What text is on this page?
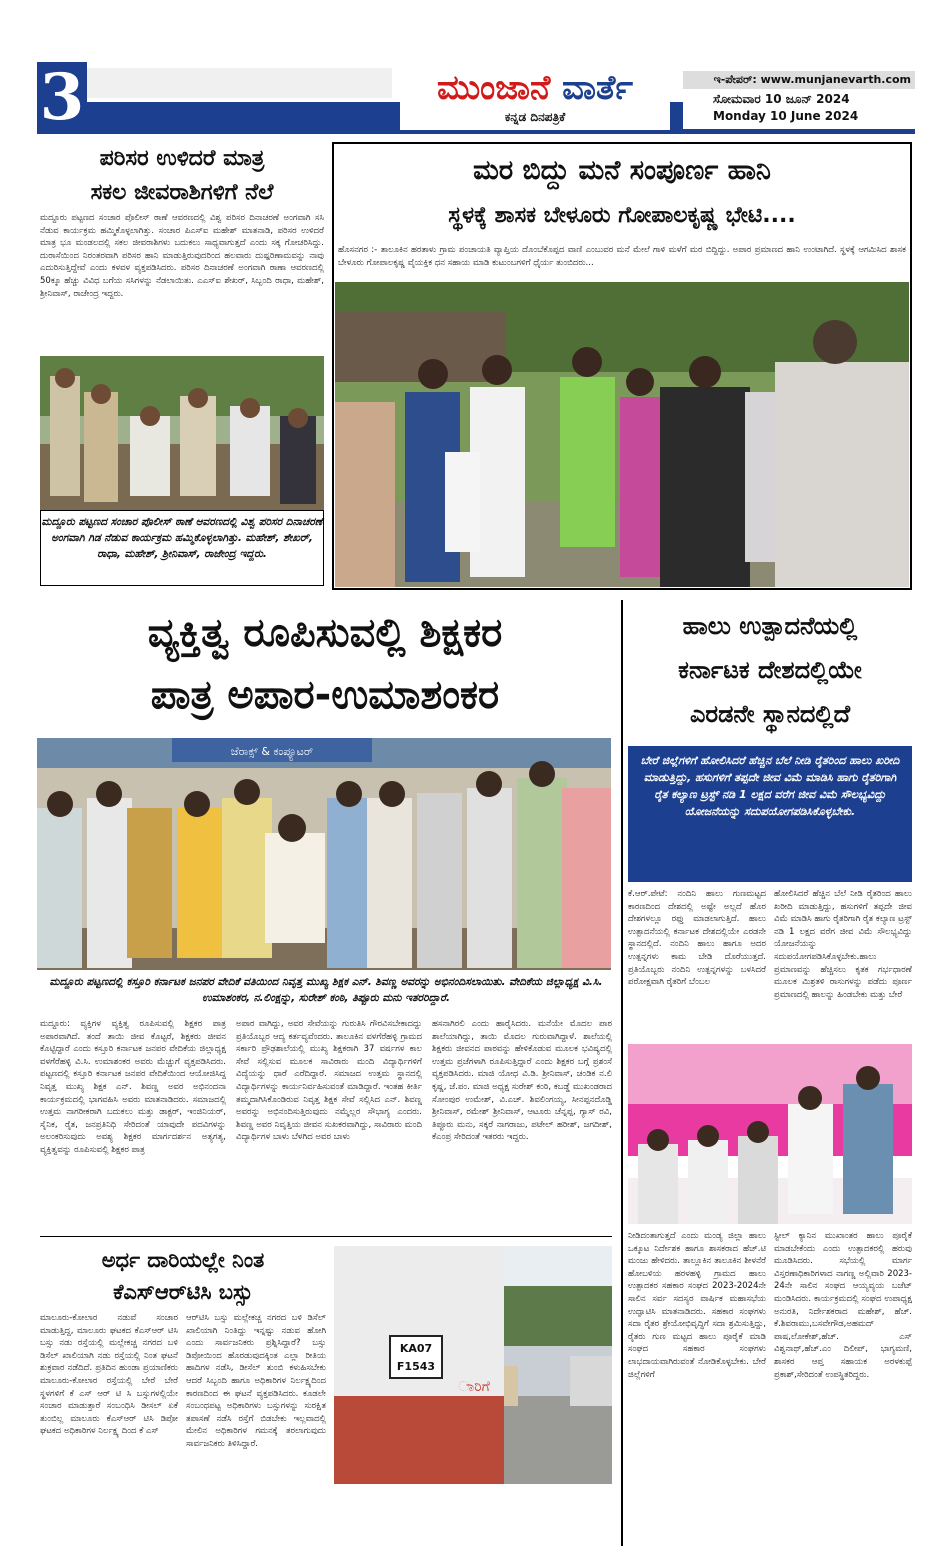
3	ಮುಂಜಾನೆ ವಾರ್ತೆ
ಕನ್ನಡ ದಿನಪತ್ರಿಕೆ
ಇ-ಪೇಪರ್: www.munjanevarth.com
ಸೋಮವಾರ 10 ಜೂನ್ 2024
Monday 10 June 2024
ಪರಿಸರ ಉಳಿದರೆ ಮಾತ್ರ
ಸಕಲ ಜೀವರಾಶಿಗಳಿಗೆ ನೆಲೆ
ಮದ್ದೂರು ಪಟ್ಟಣದ ಸಂಚಾರ ಪೊಲೀಸ್ ಠಾಣೆ ಆವರಣದಲ್ಲಿ ವಿಶ್ವ ಪರಿಸರ ದಿನಾಚರಣೆ ಅಂಗವಾಗಿ ಸಸಿ ನೆಡುವ ಕಾರ್ಯಕ್ರಮ ಹಮ್ಮಿಕೊಳ್ಳಲಾಗಿತ್ತು. ಸಂಚಾರ ಪಿಎಸ್ಐ ಮಹೇಶ್ ಮಾತನಾಡಿ, ಪರಿಸರ ಉಳಿದರೆ ಮಾತ್ರ ಭೂ ಮಂಡಲದಲ್ಲಿ ಸಕಲ ಜೀವರಾಶಿಗಳು ಬದುಕಲು ಸಾಧ್ಯವಾಗುತ್ತದೆ ಎಂದು ಸಕ್ಕ ಗೋಚರಿಸಿದ್ದು. ದುರಾಸೆಯಿಂದ ನಿರಂತರವಾಗಿ ಪರಿಸರ ಹಾನಿ ಮಾಡುತ್ತಿರುವುದರಿಂದ ಹಲವಾರು ದುಷ್ಪರಿಣಾಮವನ್ನು ನಾವು ಎದುರಿಸುತ್ತಿದ್ದೇವೆ ಎಂದು ಕಳವಳ ವ್ಯಕ್ತಪಡಿಸಿದರು. ಪರಿಸರ ದಿನಾಚರಣೆ ಅಂಗವಾಗಿ ಠಾಣಾ ಆವರಣದಲ್ಲಿ 50ಕ್ಕೂ ಹೆಚ್ಚು ವಿವಿಧ ಬಗೆಯ ಸಸಿಗಳನ್ನು ನೆಡಲಾಯಿತು. ಎಎಸ್ಐ ಶೇಖರ್, ಸಿಬ್ಬಂದಿ ರಾಧಾ, ಮಹೇಶ್, ಶ್ರೀನಿವಾಸ್, ರಾಜೇಂದ್ರ ಇದ್ದರು.
ಮದ್ದೂರು ಪಟ್ಟಣದ ಸಂಚಾರ ಪೊಲೀಸ್ ಠಾಣೆ ಆವರಣದಲ್ಲಿ ವಿಶ್ವ ಪರಿಸರ ದಿನಾಚರಣೆ ಅಂಗವಾಗಿ ಗಿಡ ನೆಡುವ ಕಾರ್ಯಕ್ರಮ ಹಮ್ಮಿಕೊಳ್ಳಲಾಗಿತ್ತು. ಮಹೇಶ್, ಶೇಖರ್, ರಾಧಾ, ಮಹೇಶ್, ಶ್ರೀನಿವಾಸ್, ರಾಜೇಂದ್ರ ಇದ್ದರು.
ಮರ ಬಿದ್ದು ಮನೆ ಸಂಪೂರ್ಣ ಹಾನಿ
ಸ್ಥಳಕ್ಕೆ ಶಾಸಕ ಬೇಳೂರು ಗೋಪಾಲಕೃಷ್ಣ ಭೇಟಿ....
ಹೊಸನಗರ :- ತಾಲೂಕಿನ ಹರತಾಳು ಗ್ರಾಮ ಪಂಚಾಯತಿ ವ್ಯಾಪ್ತಿಯ ದೊಂಬೆಕೊಪ್ಪದ ವಾಣಿ ಎಂಬುವರ ಮನೆ ಮೇಲೆ ಗಾಳಿ ಮಳೆಗೆ ಮರ ಬಿದ್ದಿದ್ದು. ಅಪಾರ ಪ್ರಮಾಣದ ಹಾನಿ ಉಂಟಾಗಿದೆ. ಸ್ಥಳಕ್ಕೆ ಆಗಮಿಸಿದ ಶಾಸಕ ಬೇಳೂರು ಗೋಪಾಲಕೃಷ್ಣ ವೈಯಕ್ತಿಕ ಧನ ಸಹಾಯ ಮಾಡಿ ಕುಟುಂಬಗಳಿಗೆ ಧೈರ್ಯ ತುಂಬಿದರು...
ವ್ಯಕ್ತಿತ್ವ ರೂಪಿಸುವಲ್ಲಿ ಶಿಕ್ಷಕರ
ಪಾತ್ರ ಅಪಾರ-ಉಮಾಶಂಕರ
ಜೆರಾಕ್ಸ್ & ಕಂಪ್ಯೂಟರ್
ಮದ್ದೂರು ಪಟ್ಟಣದಲ್ಲಿ ಕಸ್ತೂರಿ ಕರ್ನಾಟಕ ಜನಪರ ವೇದಿಕೆ ವತಿಯಿಂದ ನಿವೃತ್ತ ಮುಖ್ಯ ಶಿಕ್ಷಕ ಎನ್. ಶಿವಣ್ಣ ಅವರನ್ನು ಅಭಿನಂದಿಸಲಾಯಿತು. ವೇದಿಕೆಯ ಜಿಲ್ಲಾಧ್ಯಕ್ಷ ವಿ.ಸಿ. ಉಮಾಶಂಕರ, ನ.ಲಿಂಕ್ಷನ್ನು, ಸುರೇಶ್ ಕಂಠಿ, ತಿಪ್ಪೂರು ಮನು ಇತರರಿದ್ದಾರೆ.
ಮದ್ದೂರು: ವ್ಯಕ್ತಿಗಳ ವ್ಯಕ್ತಿತ್ವ ರೂಪಿಸುವಲ್ಲಿ ಶಿಕ್ಷಕರ ಪಾತ್ರ ಅಪಾರವಾಗಿದೆ. ತಂದೆ ತಾಯಿ ಜೀವ ಕೊಟ್ಟರೆ, ಶಿಕ್ಷಕರು ಜೀವನ ಕೊಟ್ಟಿದ್ದಾರೆ ಎಂದು ಕಸ್ತೂರಿ ಕರ್ನಾಟಕ ಜನಪರ ವೇದಿಕೆಯ ಜಿಲ್ಲಾಧ್ಯಕ್ಷ ವಳಗೆರೆಹಳ್ಳಿ ವಿ.ಸಿ. ಉಮಾಶಂಕರ ಅವರು ಮೆಚ್ಚುಗೆ ವ್ಯಕ್ತಪಡಿಸಿದರು. ಪಟ್ಟಣದಲ್ಲಿ ಕಸ್ತೂರಿ ಕರ್ನಾಟಕ ಜನಪರ ವೇದಿಕೆಯಿಂದ ಆಯೋಜಿಸಿದ್ದ ನಿವೃತ್ತ ಮುಖ್ಯ ಶಿಕ್ಷಕ ಎನ್. ಶಿವಣ್ಣ ಅವರ ಅಭಿನಂದನಾ ಕಾರ್ಯಕ್ರಮದಲ್ಲಿ ಭಾಗವಹಿಸಿ ಅವರು ಮಾತನಾಡಿದರು. ಸಮಾಜದಲ್ಲಿ ಉತ್ತಮ ನಾಗರೀಕರಾಗಿ ಬದುಕಲು ಮತ್ತು ಡಾಕ್ಟರ್, ಇಂಜಿನಿಯರ್, ಸೈನಿಕ, ರೈತ, ಜನಪ್ರತಿನಿಧಿ ಸೇರಿದಂತೆ ಯಾವುದೇ ಪದವಿಗಳನ್ನು ಅಲಂಕರಿಸುವುದು ಅವಶ್ಯ ಶಿಕ್ಷಕರ ಮಾರ್ಗದರ್ಶನ ಅತ್ಯಗತ್ಯ, ವ್ಯಕ್ತಿತ್ವವನ್ನು ರೂಪಿಸುವಲ್ಲಿ ಶಿಕ್ಷಕರ ಪಾತ್ರ
ಅಪಾರ ವಾಗಿದ್ದು, ಅವರ ಸೇವೆಯನ್ನು ಗುರುತಿಸಿ ಗೌರವಿಸಬೇಕಾದದ್ದು ಪ್ರತಿಯೊಬ್ಬರ ಆದ್ಯ ಕರ್ತವ್ಯವೆಂದರು. ತಾಲೂಕಿನ ವಳಗೆರೆಹಳ್ಳಿ ಗ್ರಾಮದ ಸರ್ಕಾರಿ ಪ್ರೌಢಶಾಲೆಯಲ್ಲಿ ಮುಖ್ಯ ಶಿಕ್ಷಕರಾಗಿ 37 ವರ್ಷಗಳ ಕಾಲ ಸೇವೆ ಸಲ್ಲಿಸುವ ಮೂಲಕ ಸಾವಿರಾರು ಮಂದಿ ವಿದ್ಯಾರ್ಥಿಗಳಿಗೆ ವಿದ್ಯೆಯನ್ನು ಧಾರೆ ಎರೆದಿದ್ದಾರೆ. ಸಮಾಜದ ಉತ್ತಮ ಸ್ಥಾನದಲ್ಲಿ ವಿದ್ಯಾರ್ಥಿಗಳನ್ನು ಕಾರ್ಯನಿರ್ವಹಿಸುವಂತೆ ಮಾಡಿದ್ದಾರೆ. ಇಂತಹ ಕೀರ್ತಿ ತಮ್ಮದಾಗಿಸಿಕೊಂಡಿರುವ ನಿವೃತ್ತ ಶಿಕ್ಷಕ ಸೇವೆ ಸಲ್ಲಿಸಿದ ಎನ್. ಶಿವಣ್ಣ ಅವರನ್ನು ಅಭಿನಂದಿಸುತ್ತಿರುವುದು ನಮ್ಮೆಲ್ಲರ ಸೌಭಾಗ್ಯ ಎಂದರು. ಶಿವಣ್ಣ ಅವರ ನಿವೃತ್ತಿಯ ಜೀವನ ಸುಖಕರವಾಗಿದ್ದು, ಸಾವಿರಾರು ಮಂದಿ ವಿದ್ಯಾರ್ಥಿಗಳ ಬಾಳು ಬೆಳಗಿದ ಅವರ ಬಾಳು
ಹಸನಾಗಿರಲಿ ಎಂದು ಹಾರೈಸಿದರು. ಮನೆಯೇ ಮೊದಲ ಪಾಠ ಶಾಲೆಯಾಗಿದ್ದು, ತಾಯಿ ಮೊದಲ ಗುರುವಾಗಿದ್ದಾಳೆ. ಶಾಲೆಯಲ್ಲಿ ಶಿಕ್ಷಕರು ಜೀವನದ ಪಾಠವನ್ನು ಹೇಳಿಕೊಡುವ ಮೂಲಕ ಭವಿಷ್ಯದಲ್ಲಿ ಉತ್ತಮ ಪ್ರಜೆಗಳಾಗಿ ರೂಪಿಸುತ್ತಿದ್ದಾರೆ ಎಂದು ಶಿಕ್ಷಕರ ಬಗ್ಗೆ ಪ್ರಶಂಸೆ ವ್ಯಕ್ತಪಡಿಸಿದರು. ಮಾಜಿ ಯೋಧ ವಿ.ಡಿ. ಶ್ರೀನಿವಾಸ್, ಚಂಡಿಕ ನ.ಲಿ ಕೃಷ್ಣ, ಜೆ.ಪಂ. ಮಾಜಿ ಅಧ್ಯಕ್ಷ ಸುರೇಶ್ ಕಂಠಿ, ಕಬಡ್ಡೆ ಮುಖಂಡರಾದ ಸೋಂಪುರ ಉಮೇಶ್, ವಿ.ಎಚ್. ಶಿವಲಿಂಗಯ್ಯ, ಸೀನಪ್ಪನದೊಡ್ಡಿ ಶ್ರೀನಿವಾಸ್, ರಮೇಶ್ ಶ್ರೀನಿವಾಸ್, ಆಟೂರು ಚೆನ್ನಪ್ಪ, ಗ್ಯಾಸ್ ರವಿ, ತಿಪ್ಪೂರು ಮನು, ಸಕ್ಕರೆ ನಾಗರಾಜು, ಪಟೇಲ್ ಹರೀಶ್, ಜಗದೀಶ್, ಕೆಎಂಪ್ರ ಸೇರಿದಂತೆ ಇತರರು ಇದ್ದರು.
ಹಾಲು ಉತ್ಪಾದನೆಯಲ್ಲಿ
ಕರ್ನಾಟಕ ದೇಶದಲ್ಲಿಯೇ
ಎರಡನೇ ಸ್ಥಾನದಲ್ಲಿದೆ
ಬೇರೆ ಜಿಲ್ಲೆಗಳಿಗೆ ಹೋಲಿಸಿದರೆ ಹೆಚ್ಚಿನ ಬೆಲೆ ನೀಡಿ ರೈತರಿಂದ ಹಾಲು ಖರೀದಿ ಮಾಡುತ್ತಿದ್ದು, ಹಸುಗಳಿಗೆ ತಪ್ಪದೇ ಜೀವ ವಿಮೆ ಮಾಡಿಸಿ ಹಾಗು ರೈತರಿಗಾಗಿ ರೈತ ಕಲ್ಯಾಣ ಟ್ರಸ್ಟ್ ನಡಿ 1 ಲಕ್ಷದ ವರೆಗ ಜೀವ ವಿಮೆ ಸೌಲಭ್ಯವಿದ್ದು ಯೋಜನೆಯನ್ನು ಸದುಪಯೋಗಪಡಿಸಿಕೊಳ್ಳಬೇಕು.
ಕೆ.ಆರ್.ಪೇಟೆ: ನಂದಿನಿ ಹಾಲು ಗುಣಮಟ್ಟದ ಕಾರಣದಿಂದ ದೇಶದಲ್ಲಿ ಅಷ್ಟೇ ಅಲ್ಲದೆ ಹೊರ ದೇಶಗಳಲ್ಲೂ ರಫ್ತು ಮಾಡಲಾಗುತ್ತಿದೆ. ಹಾಲು ಉತ್ಪಾದನೆಯಲ್ಲಿ ಕರ್ನಾಟಕ ದೇಶದಲ್ಲಿಯೇ ಎರಡನೇ ಸ್ಥಾನದಲ್ಲಿದೆ. ನಂದಿನಿ ಹಾಲು ಹಾಗೂ ಅದರ ಉತ್ಪನ್ನಗಳು ಕಾಮ ಬೇಡಿ ದೊರೆಯುತ್ತದೆ. ಪ್ರತಿಯೊಬ್ಬರು ನಂದಿನಿ ಉತ್ಪನ್ನಗಳನ್ನು ಬಳಸಿದರೆ ಪರೋಕ್ಷವಾಗಿ ರೈತರಿಗೆ ಬೆಂಬಲ
ಹೋಲಿಸಿದರೆ ಹೆಚ್ಚಿನ ಬೆಲೆ ನೀಡಿ ರೈತರಿಂದ ಹಾಲು ಖರೀದಿ ಮಾಡುತ್ತಿದ್ದು, ಹಸುಗಳಿಗೆ ತಪ್ಪದೇ ಜೀವ ವಿಮೆ ಮಾಡಿಸಿ ಹಾಗು ರೈತರಿಗಾಗಿ ರೈತ ಕಲ್ಯಾಣ ಟ್ರಸ್ಟ್ ನಡಿ 1 ಲಕ್ಷದ ವರೆಗ ಜೀವ ವಿಮೆ ಸೌಲಭ್ಯವಿದ್ದು ಯೋಜನೆಯನ್ನು ಸದುಪಯೋಗಪಡಿಸಿಕೊಳ್ಳಬೇಕು.ಹಾಲು ಪ್ರಮಾಣವನ್ನು ಹೆಚ್ಚಿಸಲು ಕೃತಕ ಗರ್ಭಧಾರಣೆ ಮೂಲಕ ಮಿಶ್ರತಳಿ ರಾಸುಗಳನ್ನು ಪಡೆದು ಪೂರ್ಣ ಪ್ರಮಾಣದಲ್ಲಿ ಹಾಲನ್ನು ಹಿಂಡಬೇಕು ಮತ್ತು ಬೇರೆ
ನೀಡಿದಂತಾಗುತ್ತದೆ ಎಂದು ಮಂಡ್ಯ ಜಿಲ್ಲಾ ಹಾಲು ಒಕ್ಕೂಟ ನಿರ್ದೇಶಕ ಹಾಗೂ ಶಾಸಕರಾದ ಹೆಚ್.ಟಿ ಮಂಜು ಹೇಳಿದರು. ತಾಲ್ಲೂಕಿನ ತಾಲೂಕಿನ ಶೀಳನೆರೆ ಹೋಬಳಿಯ ಹರಳಹಳ್ಳಿ ಗ್ರಾಮದ ಹಾಲು ಉತ್ಪಾದಕರ ಸಹಕಾರ ಸಂಘದ 2023-2024ನೇ ಸಾಲಿನ ಸರ್ವ ಸದಸ್ಯರ ವಾರ್ಷಿಕ ಮಹಾಸಭೆಯ ಉದ್ಘಾಟಿಸಿ ಮಾತನಾಡಿದರು. ಸಹಕಾರ ಸಂಘಗಳು ಸದಾ ರೈತರ ಶ್ರೇಯೋಭಿವೃದ್ಧಿಗೆ ಸದಾ ಶ್ರಮಿಸುತ್ತಿದ್ದು, ರೈತರು ಗುಣ ಮಟ್ಟದ ಹಾಲು ಪೂರೈಕೆ ಮಾಡಿ ಸಂಘದ ಸಹಕಾರ ಸಂಘಗಳು ಲಾಭದಾಯವಾಗಿರುವಂತೆ ನೋಡಿಕೊಳ್ಳಬೇಕು. ಬೇರೆ ಜಿಲ್ಲೆಗಳಿಗೆ
ಸ್ಟೀಲ್ ಕ್ಯಾನಿನ ಮುಖಾಂತರ ಹಾಲು ಪೂರೈಕೆ ಮಾಡಬೇಕೆಂದು ಎಂದು ಉತ್ಪಾದಕರಲ್ಲಿ ಹರುವು ಮೂಡಿಸಿದರು. ಸಭೆಯಲ್ಲಿ ಮಾರ್ಗ ವಿಸ್ತರಣಾಧಿಕಾರಿಗಳಾದ ನಾಗಣ್ಣ ಅಲ್ಲಿವಾರಿ 2023-24ನೇ ಸಾಲಿನ ಸಂಘದ ಆಯ್ಯವ್ಯಯ ಬಜೆಟ್ ಮಂಡಿಸಿದರು. ಕಾರ್ಯಕ್ರಮದಲ್ಲಿ ಸಂಘದ ಉಪಾಧ್ಯಕ್ಷ ಅನುರತಿ, ನಿರ್ದೇಶಕರಾದ ಮಹೇಶ್, ಹೆಚ್. ಕೆ.ಶಿವರಾಮು,ಬಸವೇಗೌಡ,ಅಹಮದ್ ಪಾಷ,ಲೋಕೇಶ್,ಹೆಚ್. ಎಸ್ ವಿಶ್ವನಾಥ್,ಹೆಚ್.ಎಂ ದಿಲೀಪ್, ಭಾಗ್ಯಮಣಿ, ಶಾಸಕರ ಆಪ್ತ ಸಹಾಯಕ ಅರಳಕುಪ್ಪೆ ಪ್ರಕಾಶ್,ಸೇರಿದಂತೆ ಉಪಸ್ಥಿತರಿದ್ದರು.
ಅರ್ಧ ದಾರಿಯಲ್ಲೇ ನಿಂತ
ಕೆಎಸ್‌ಆರ್‌ಟಿಸಿ ಬಸ್ಸು
ಮಾಲೂರು-ಕೋಲಾರ ನಡುವೆ ಸಂಚಾರ ಮಾಡುತ್ತಿದ್ದ, ಮಾಲೂರು ಘಟಕದ ಕೆಎಸ್ಆರ್ ಟಿಸಿ ಬಸ್ಸು ನಡು ರಸ್ತೆಯಲ್ಲಿ ಮಲ್ಲೇಕಚ್ಚ ನಗರದ ಬಳಿ ಡಿಸೆಲ್ ಖಾಲಿಯಾಗಿ ನಡು ರಸ್ತೆಯಲ್ಲಿ ನಿಂತ ಘಟನೆ ಶುಕ್ರವಾರ ನಡೆದಿದೆ. ಪ್ರತಿದಿನ ಹುಂಡಾ ಪ್ರಯಾಣಿಕರು ಮಾಲೂರು-ಕೋಲಾರ ರಸ್ತೆಯಲ್ಲಿ ಬೇರೆ ಬೇರೆ ಸ್ಥಳಗಳಿಗೆ ಕೆ ಎಸ್ ಆರ್ ಟಿ ಸಿ ಬಸ್ಸುಗಳಲ್ಲಿಯೇ ಸಂಚಾರ ಮಾಡುತ್ತಾರೆ ಸಂಬಂಧಿಸಿ ಡೀಸಲ್ ಏಕೆ ತುಂಬಿಲ್ಲ ಮಾಲೂರು ಕೆಎಸ್ಆರ್ ಟಿಸಿ ಡಿಪೋ ಘಟಕದ ಅಧಿಕಾರಿಗಳ ನಿರ್ಲಕ್ಷ್ಯ ದಿಂದ ಕೆ ಎಸ್
ಆರ್‌ಟಿಸಿ ಬಸ್ಸು ಮಲ್ಲೇಕಚ್ಚ ನಗರದ ಬಳಿ ಡಿಸೆಲ್ ಖಾಲಿಯಾಗಿ ನಿಂತಿದ್ದು ಇನ್ನಷ್ಟು ನಡುವ ಹೋಗಿ ಎಂದು ಸಾರ್ವಜನಿಕರು ಪ್ರಶ್ನಿಸಿದ್ದಾರೆ? ಬಸ್ಸು ಡಿಪೋಯಿಂದ ಹೊರಡುವುದಕ್ಕಿಂತ ಎಲ್ಲಾ ರೀತಿಯ ಹಾದಿಗಳ ನಡೆಸಿ, ಡೀಸೆಲ್ ತುಂಬಿ ಕಳುಹಿಸಬೇಕು ಆದರೆ ಸಿಬ್ಬಂದಿ ಹಾಗೂ ಅಧಿಕಾರಿಗಳ ನಿರ್ಲಕ್ಷ್ಯದಿಂದ ಕಾರಣದಿಂದ ಈ ಘಟನೆ ವ್ಯಕ್ತಪಡಿಸಿದರು. ಕೂಡಲೇ ಸಂಬಂಧಪಟ್ಟ ಅಧಿಕಾರಿಗಳು ಬಸ್ಸುಗಳನ್ನು ಸುರಕ್ಷಿತ ತಪಾಸಣೆ ನಡೆಸಿ ರಸ್ತೆಗೆ ಬಿಡಬೇಕು ಇಲ್ಲವಾದಲ್ಲಿ ಮೇಲಿನ ಅಧಿಕಾರಿಗಳ ಗಮನಕ್ಕೆ ತರಲಾಗುವುದು ಸಾರ್ವಜನಿಕರು ತಿಳಿಸಿದ್ದಾರೆ.
KA07
F1543
ಾರಿಗೆ
